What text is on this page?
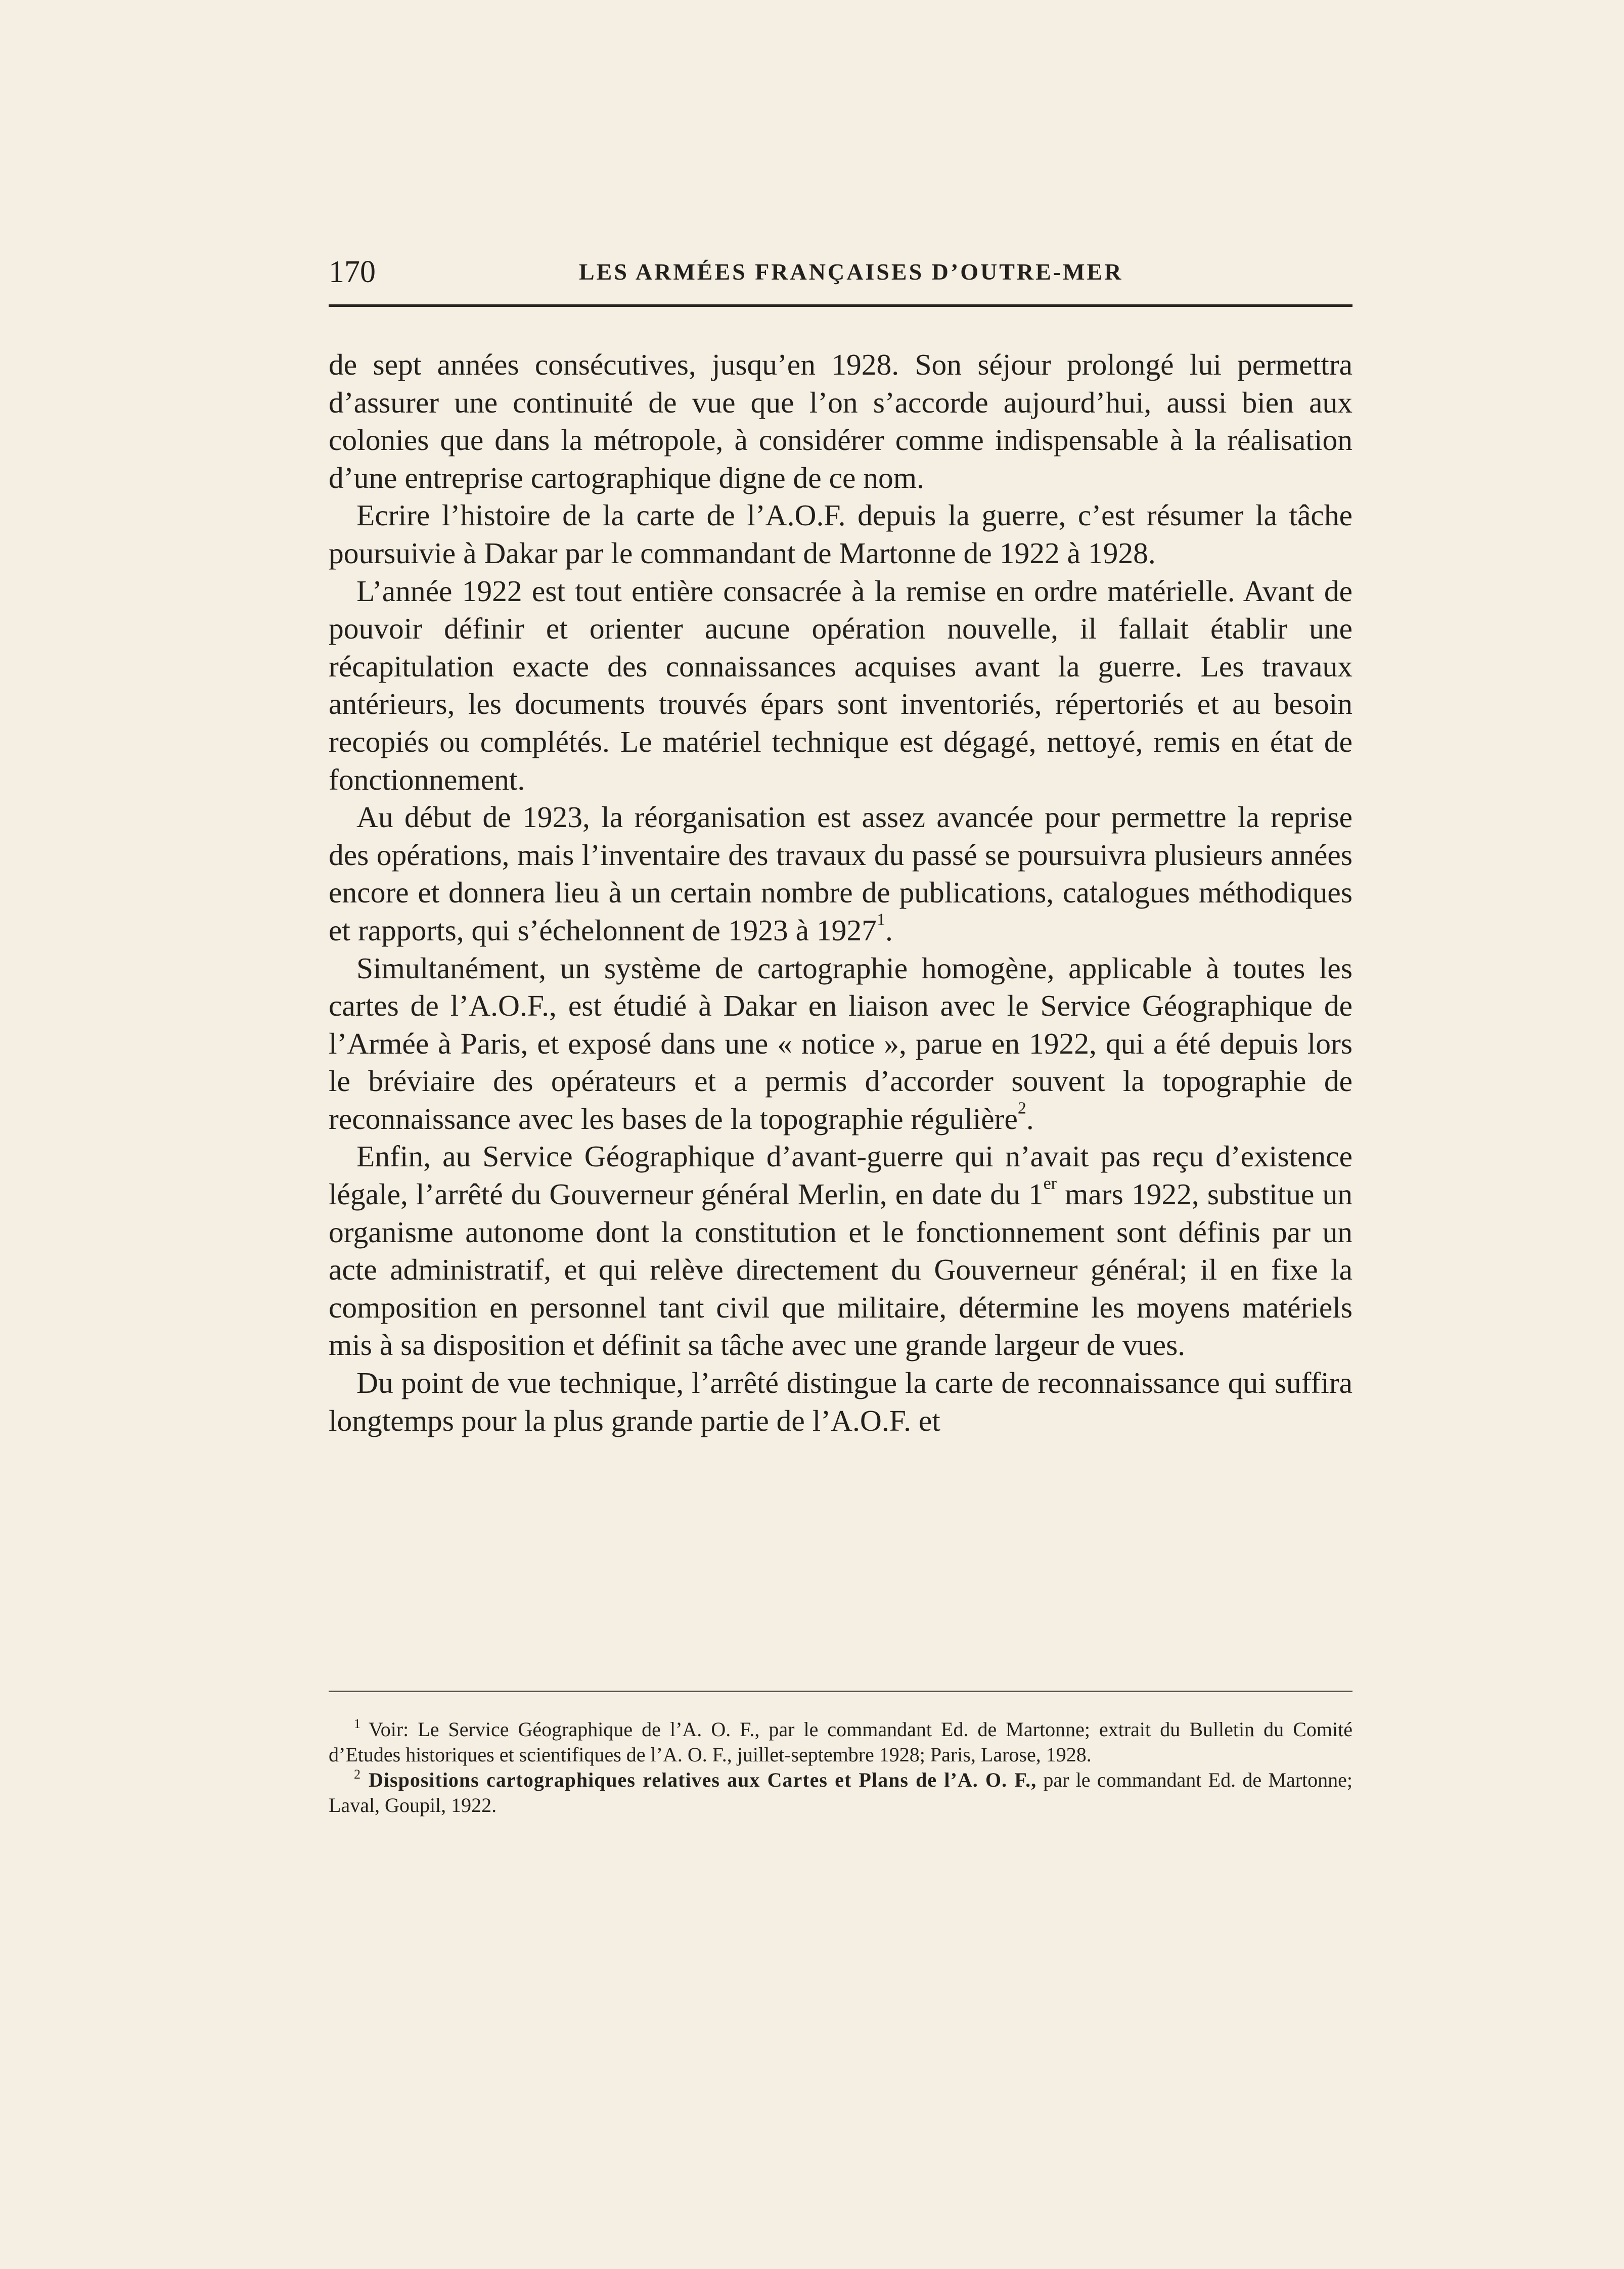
170	LES ARMÉES FRANÇAISES D’OUTRE-MER

de sept années consécutives, jusqu’en 1928. Son séjour prolongé lui permettra d’assurer une continuité de vue que l’on s’accorde aujourd’hui, aussi bien aux colonies que dans la métropole, à considérer comme indispensable à la réalisation d’une entreprise cartographique digne de ce nom.

Ecrire l’histoire de la carte de l’A.O.F. depuis la guerre, c’est résumer la tâche poursuivie à Dakar par le commandant de Martonne de 1922 à 1928.

L’année 1922 est tout entière consacrée à la remise en ordre matérielle. Avant de pouvoir définir et orienter aucune opération nouvelle, il fallait établir une récapitulation exacte des connaissances acquises avant la guerre. Les travaux antérieurs, les documents trouvés épars sont inventoriés, répertoriés et au besoin recopiés ou complétés. Le matériel technique est dégagé, nettoyé, remis en état de fonctionnement.

Au début de 1923, la réorganisation est assez avancée pour permettre la reprise des opérations, mais l’inventaire des travaux du passé se poursuivra plusieurs années encore et donnera lieu à un certain nombre de publications, catalogues méthodiques et rapports, qui s’échelonnent de 1923 à 1927$^1$.

Simultanément, un système de cartographie homogène, applicable à toutes les cartes de l’A.O.F., est étudié à Dakar en liaison avec le Service Géographique de l’Armée à Paris, et exposé dans une « notice », parue en 1922, qui a été depuis lors le bréviaire des opérateurs et a permis d’accorder souvent la topographie de reconnaissance avec les bases de la topographie régulière$^2$.

Enfin, au Service Géographique d’avant-guerre qui n’avait pas reçu d’existence légale, l’arrêté du Gouverneur général Merlin, en date du 1er mars 1922, substitue un organisme autonome dont la constitution et le fonctionnement sont définis par un acte administratif, et qui relève directement du Gouverneur général; il en fixe la composition en personnel tant civil que militaire, détermine les moyens matériels mis à sa disposition et définit sa tâche avec une grande largeur de vues.

Du point de vue technique, l’arrêté distingue la carte de reconnaissance qui suffira longtemps pour la plus grande partie de l’A.O.F. et

$^1$ Voir: Le Service Géographique de l’A. O. F., par le commandant Ed. de Martonne; extrait du Bulletin du Comité d’Etudes historiques et scientifiques de l’A. O. F., juillet-septembre 1928; Paris, Larose, 1928.

$^2$ Dispositions cartographiques relatives aux Cartes et Plans de l’A. O. F., par le commandant Ed. de Martonne; Laval, Goupil, 1922.
